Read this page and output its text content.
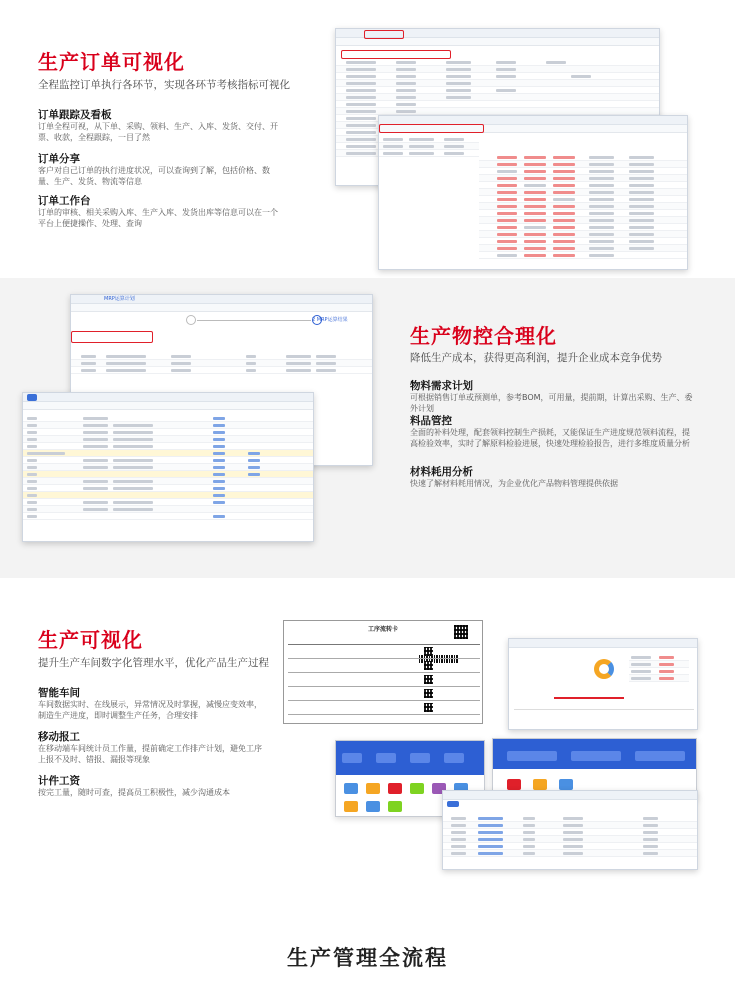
生产订单可视化
全程监控订单执行各环节，实现各环节考核指标可视化
订单跟踪及看板
订单全程可视，从下单、采购、领料、生产、入库、发货、交付、开票、收款，全程跟踪，一目了然
订单分享
客户对自己订单的执行进度状况，可以查询到了解，包括价格、数量、生产、发货、物流等信息
订单工作台
订单的审核、相关采购入库、生产入库、发货出库等信息可以在一个平台上便捷操作、处理、查询
MRP运算计划
2 MRP运算结果
生产物控合理化
降低生产成本，获得更高利润，提升企业成本竞争优势
物料需求计划
可根据销售订单或预测单，参考BOM，可用量，提前期，计算出采购、生产、委外计划
料品管控
全面的补料处理，配套领料控制生产损耗，又能保证生产进度规范领料流程，提高检验效率，实时了解原料检验进展，快速处理检验报告，进行多维度质量分析
材料耗用分析
快速了解材料耗用情况，为企业优化产品物料管理提供依据
生产可视化
提升生产车间数字化管理水平，优化产品生产过程
智能车间
车间数据实时、在线展示，异常情况及时掌握，减慢应变效率，制造生产进度，即时调整生产任务，合理安排
移动报工
在移动端车间统计员工作量，提前确定工作排产计划，避免工序上报不及时、错报、漏报等现象
计件工资
按完工量，随时可查，提高员工积极性，减少沟通成本
工序流转卡
生产管理全流程
